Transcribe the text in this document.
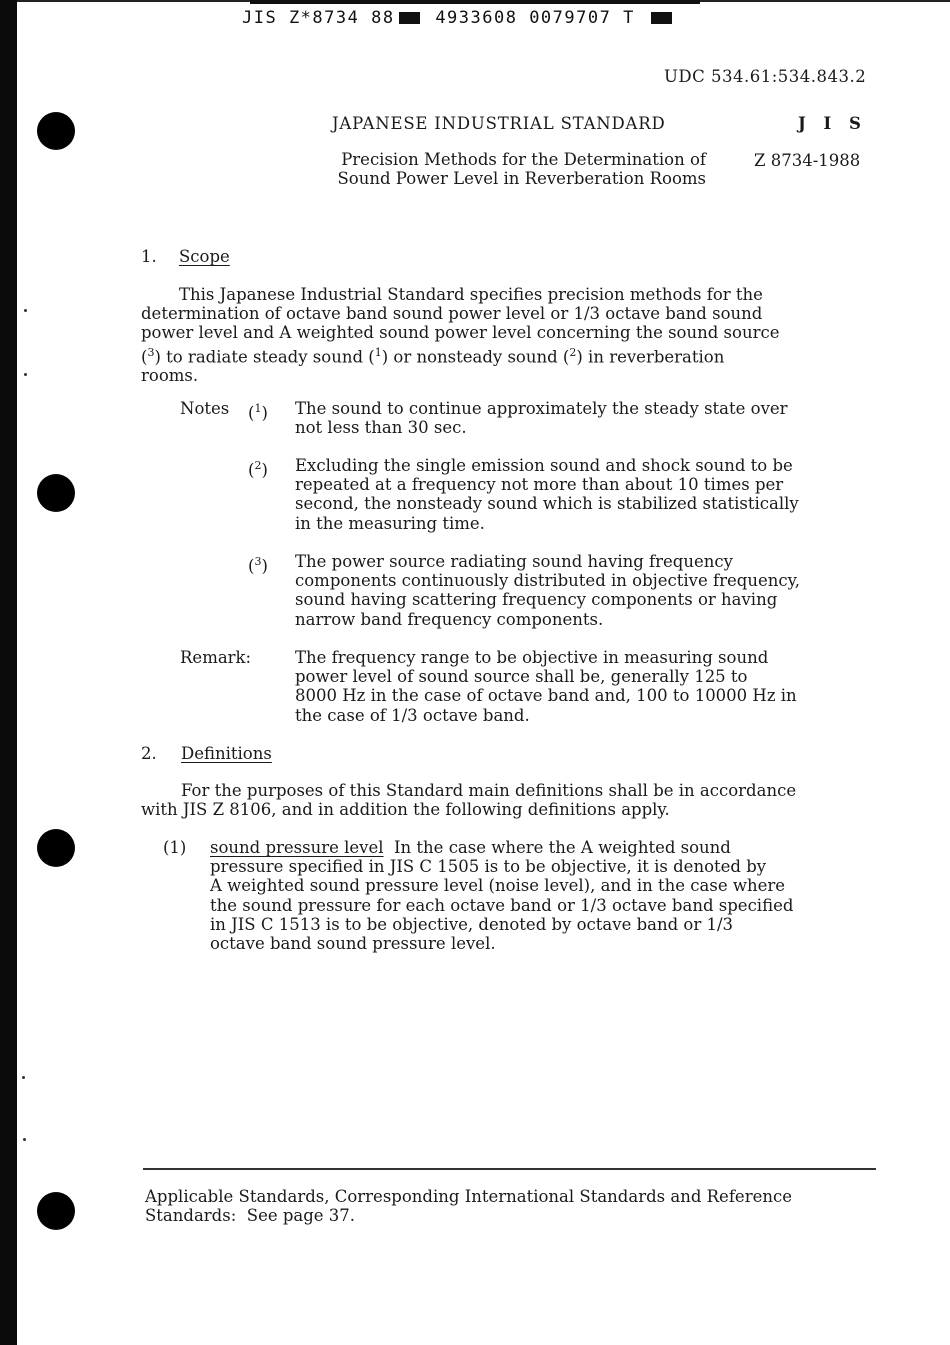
JIS Z*8734 88 4933608 0079707 T
UDC 534.61:534.843.2
JAPANESE INDUSTRIAL STANDARD	J I S
Precision Methods for the Determination of
Sound Power Level in Reverberation Rooms
Z 8734-1988
1. Scope
This Japanese Industrial Standard specifies precision methods for the
determination of octave band sound power level or 1/3 octave band sound
power level and A weighted sound power level concerning the sound source
($^3$) to radiate steady sound ($^1$) or nonsteady sound ($^2$) in reverberation
rooms.
Notes ($^1$) The sound to continue approximately the steady state over
not less than 30 sec.
($^2$) Excluding the single emission sound and shock sound to be
repeated at a frequency not more than about 10 times per
second, the nonsteady sound which is stabilized statistically
in the measuring time.
($^3$) The power source radiating sound having frequency
components continuously distributed in objective frequency,
sound having scattering frequency components or having
narrow band frequency components.
Remark:	The frequency range to be objective in measuring sound
power level of sound source shall be, generally 125 to
8000 Hz in the case of octave band and, 100 to 10000 Hz in
the case of 1/3 octave band.
2. Definitions
For the purposes of this Standard main definitions shall be in accordance
with JIS Z 8106, and in addition the following definitions apply.
(1) sound pressure level  In the case where the A weighted sound
pressure specified in JIS C 1505 is to be objective, it is denoted by
A weighted sound pressure level (noise level), and in the case where
the sound pressure for each octave band or 1/3 octave band specified
in JIS C 1513 is to be objective, denoted by octave band or 1/3
octave band sound pressure level.
Applicable Standards, Corresponding International Standards and Reference
Standards:  See page 37.
